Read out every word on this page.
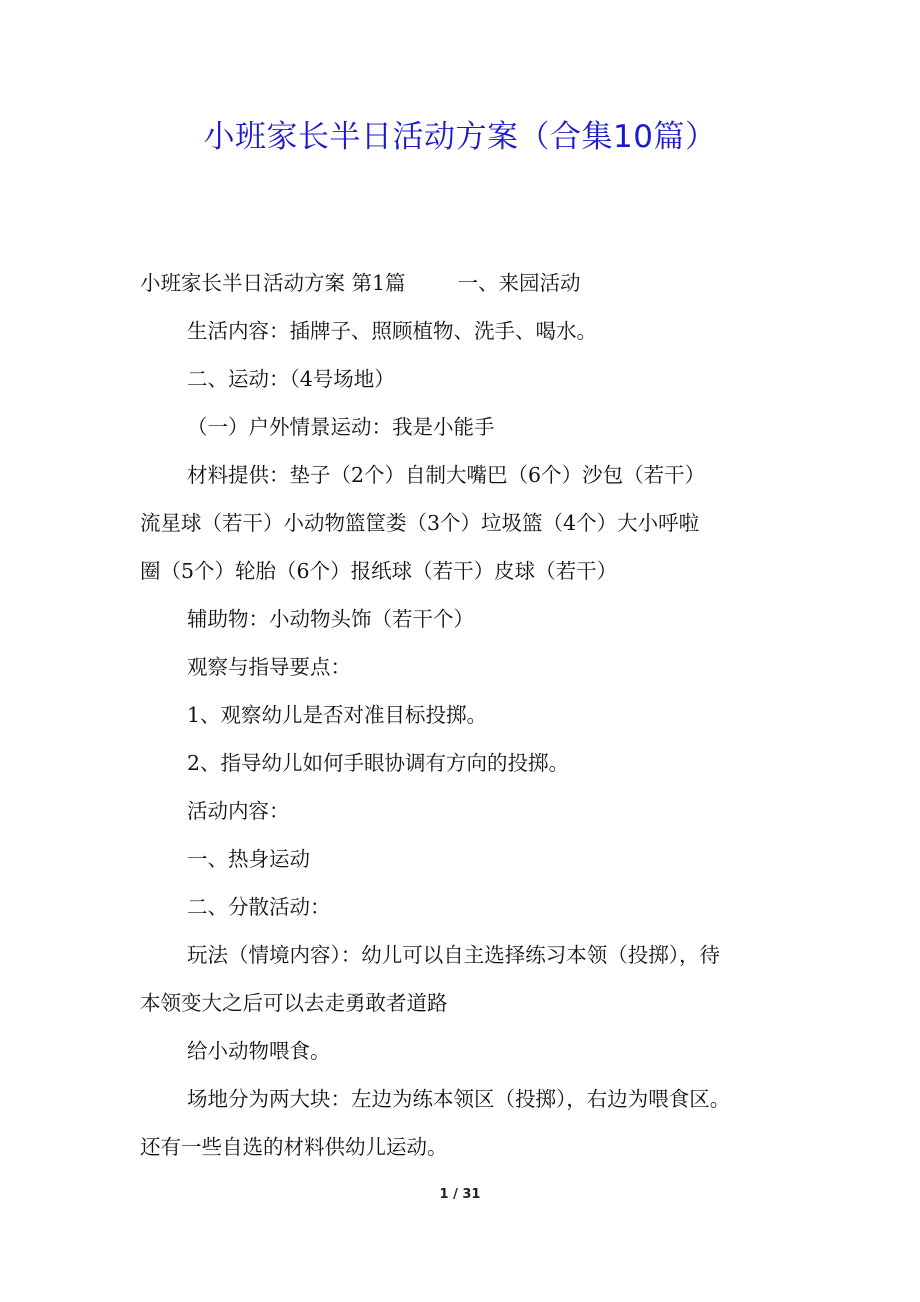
小班家长半日活动方案（合集10篇）

小班家长半日活动方案 第1篇	一、来园活动

生活内容：插牌子、照顾植物、洗手、喝水。

二、运动：（4号场地）

（一）户外情景运动：我是小能手

材料提供：垫子（2个）自制大嘴巴（6个）沙包（若干）

流星球（若干）小动物篮筐娄（3个）垃圾篮（4个）大小呼啦

圈（5个）轮胎（6个）报纸球（若干）皮球（若干）

辅助物：小动物头饰（若干个）

观察与指导要点：

1、观察幼儿是否对准目标投掷。

2、指导幼儿如何手眼协调有方向的投掷。

活动内容：

一、热身运动

二、分散活动：

玩法（情境内容）：幼儿可以自主选择练习本领（投掷），待

本领变大之后可以去走勇敢者道路

给小动物喂食。

场地分为两大块：左边为练本领区（投掷），右边为喂食区。

还有一些自选的材料供幼儿运动。

1 / 31
